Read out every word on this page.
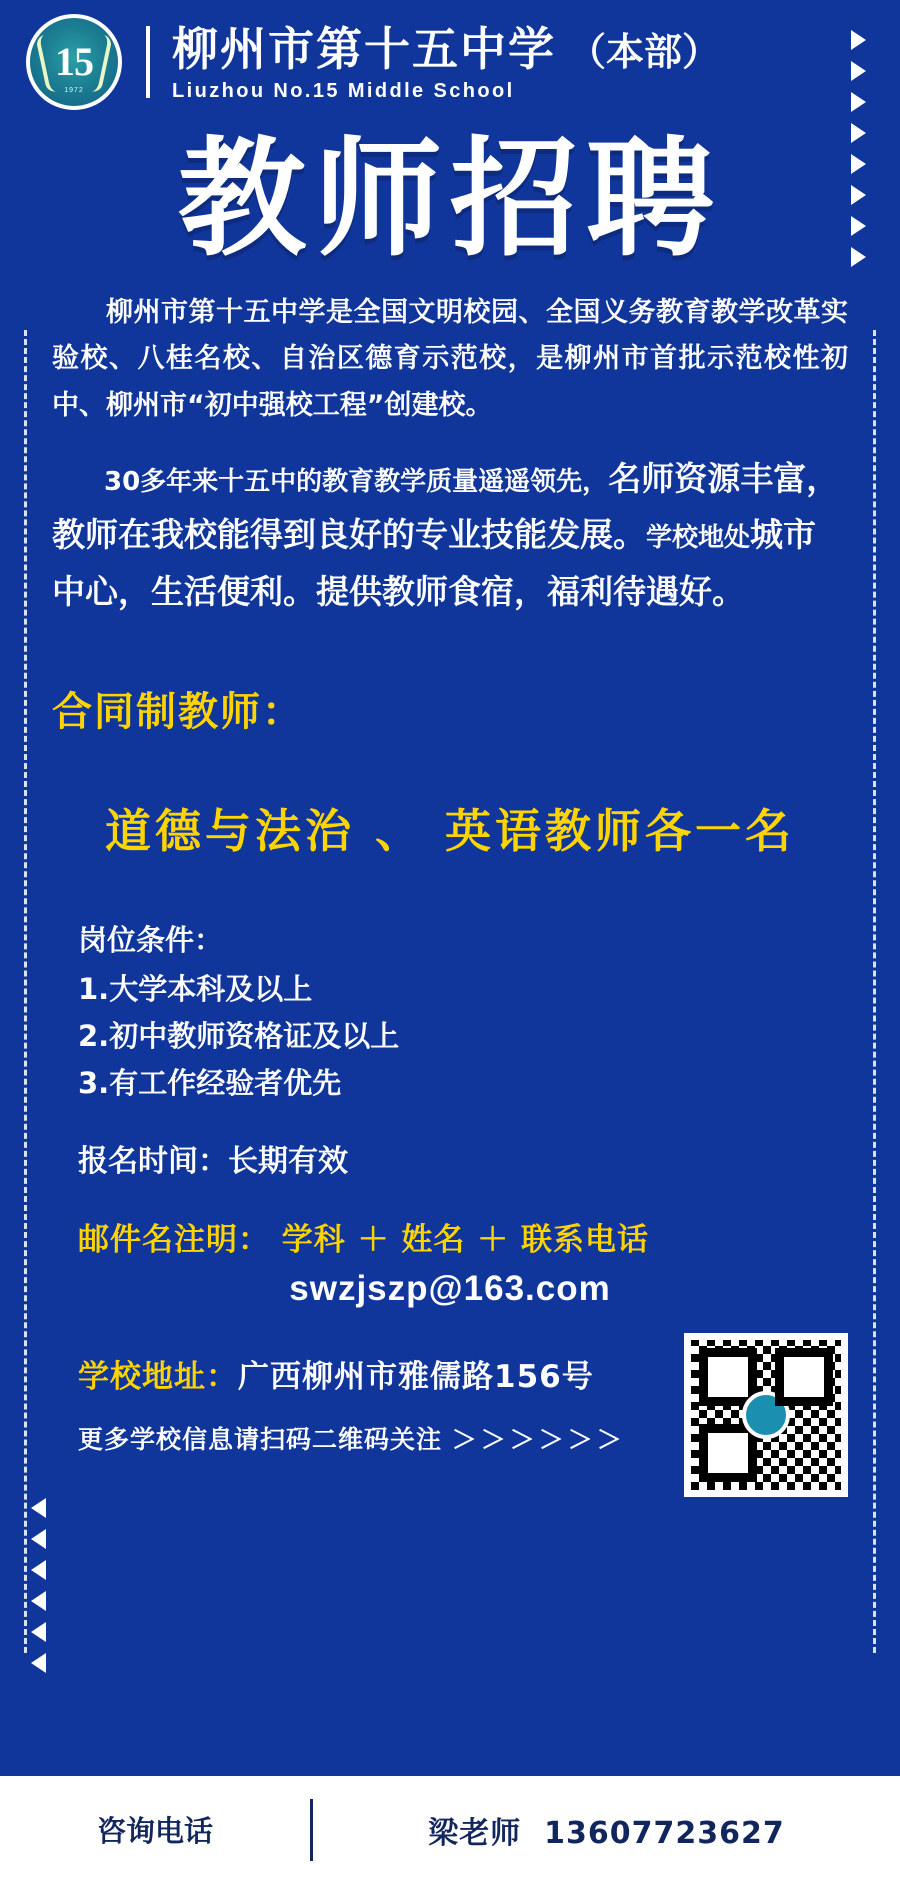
15
1972
柳州市第十五中学 （本部）
Liuzhou No.15 Middle School
教师招聘

柳州市第十五中学是全国文明校园、全国义务教育教学改革实验校、八桂名校、自治区德育示范校，是柳州市首批示范校性初中、柳州市“初中强校工程”创建校。

30多年来十五中的教育教学质量遥遥领先，名师资源丰富，教师在我校能得到良好的专业技能发展。学校地处城市中心，生活便利。提供教师食宿，福利待遇好。

合同制教师：
道德与法治 、 英语教师各一名
岗位条件：
1.大学本科及以上
2.初中教师资格证及以上
3.有工作经验者优先
报名时间：长期有效
邮件名注明： 学科 ＋ 姓名 ＋ 联系电话
swzjszp@163.com
学校地址：广西柳州市雅儒路156号
更多学校信息请扫码二维码关注 ＞＞＞＞＞＞
咨询电话	梁老师 13607723627
